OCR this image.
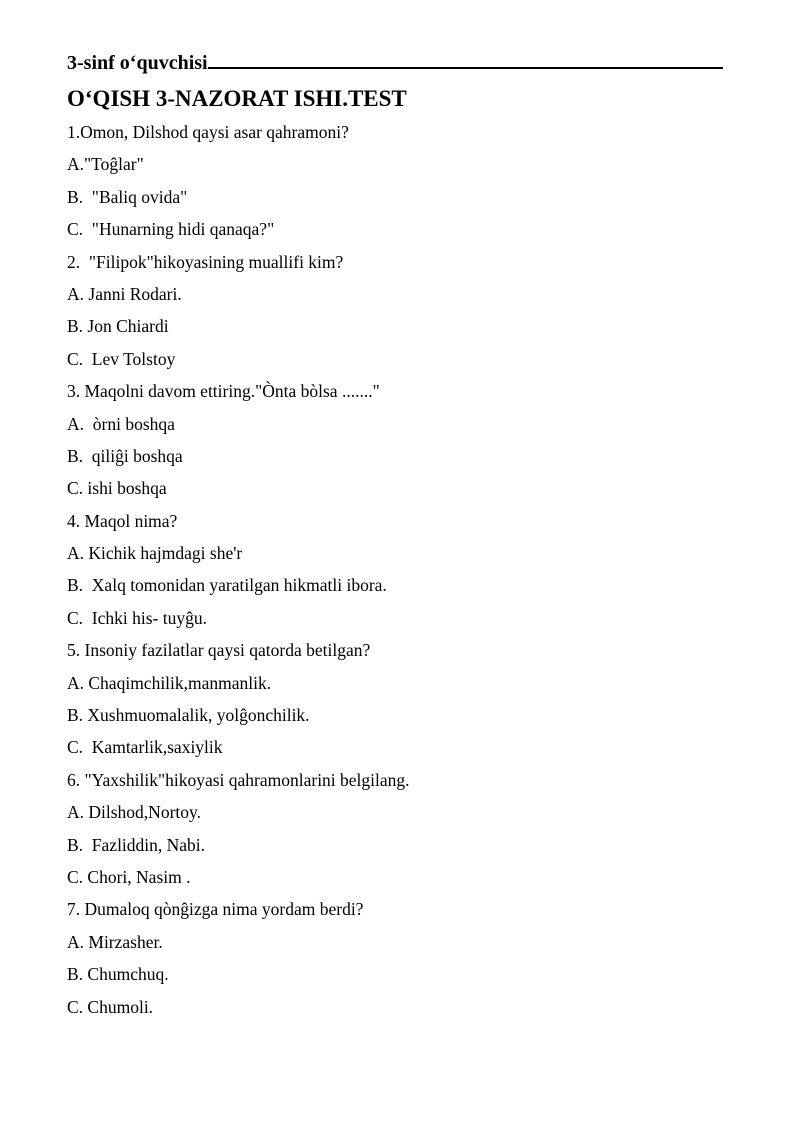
3-sinf o‘quvchisi
O‘QISH 3-NAZORAT ISHI.TEST
1.Omon, Dilshod qaysi asar qahramoni?
A."Toĝlar"
B.  "Baliq ovida"
C.  "Hunarning hidi qanaqa?"
2.  "Filipok"hikoyasining muallifi kim?
A. Janni Rodari.
B. Jon Chiardi
C.  Lev Tolstoy
3. Maqolni davom ettiring."Ònta bòlsa ......."
A.  òrni boshqa
B.  qiliĝi boshqa
C. ishi boshqa
4. Maqol nima?
A. Kichik hajmdagi she'r
B.  Xalq tomonidan yaratilgan hikmatli ibora.
C.  Ichki his- tuyĝu.
5. Insoniy fazilatlar qaysi qatorda betilgan?
A. Chaqimchilik,manmanlik.
B. Xushmuomalalik, yolĝonchilik.
C.  Kamtarlik,saxiylik
6. "Yaxshilik"hikoyasi qahramonlarini belgilang.
A. Dilshod,Nortoy.
B.  Fazliddin, Nabi.
C. Chori, Nasim .
7. Dumaloq qònĝizga nima yordam berdi?
A. Mirzasher.
B. Chumchuq.
C. Chumoli.
